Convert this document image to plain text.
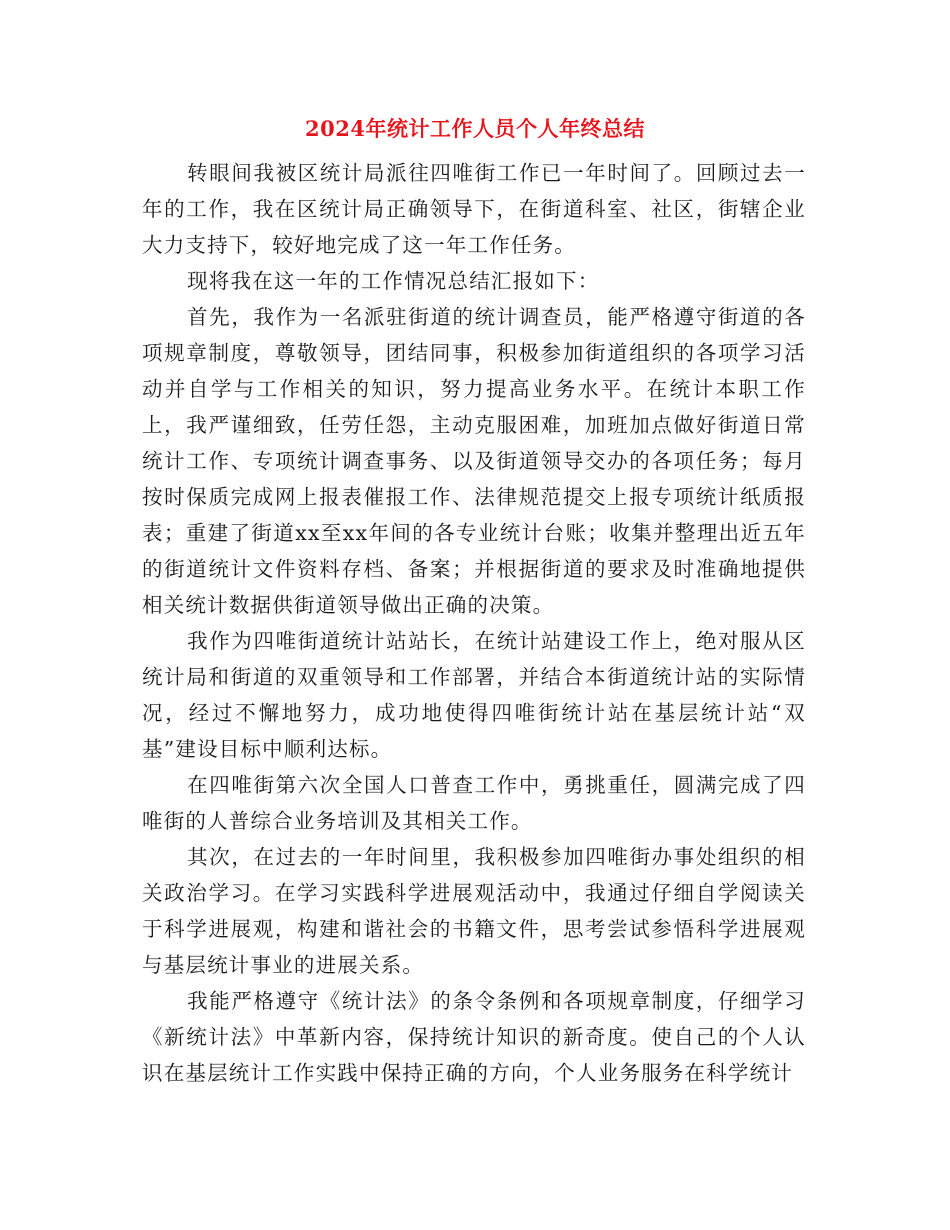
2024年统计工作人员个人年终总结

转眼间我被区统计局派往四唯街工作已一年时间了。回顾过去一年的工作，我在区统计局正确领导下，在街道科室、社区，街辖企业大力支持下，较好地完成了这一年工作任务。

现将我在这一年的工作情况总结汇报如下：

首先，我作为一名派驻街道的统计调查员，能严格遵守街道的各项规章制度，尊敬领导，团结同事，积极参加街道组织的各项学习活动并自学与工作相关的知识，努力提高业务水平。在统计本职工作上，我严谨细致，任劳任怨，主动克服困难，加班加点做好街道日常统计工作、专项统计调查事务、以及街道领导交办的各项任务；每月按时保质完成网上报表催报工作、法律规范提交上报专项统计纸质报表；重建了街道xx至xx年间的各专业统计台账；收集并整理出近五年的街道统计文件资料存档、备案；并根据街道的要求及时准确地提供相关统计数据供街道领导做出正确的决策。

我作为四唯街道统计站站长，在统计站建设工作上，绝对服从区统计局和街道的双重领导和工作部署，并结合本街道统计站的实际情况，经过不懈地努力，成功地使得四唯街统计站在基层统计站“双基”建设目标中顺利达标。

在四唯街第六次全国人口普查工作中，勇挑重任，圆满完成了四唯街的人普综合业务培训及其相关工作。

其次，在过去的一年时间里，我积极参加四唯街办事处组织的相关政治学习。在学习实践科学进展观活动中，我通过仔细自学阅读关于科学进展观，构建和谐社会的书籍文件，思考尝试参悟科学进展观与基层统计事业的进展关系。

我能严格遵守《统计法》的条令条例和各项规章制度，仔细学习《新统计法》中革新内容，保持统计知识的新奇度。使自己的个人认识在基层统计工作实践中保持正确的方向，个人业务服务在科学统计
